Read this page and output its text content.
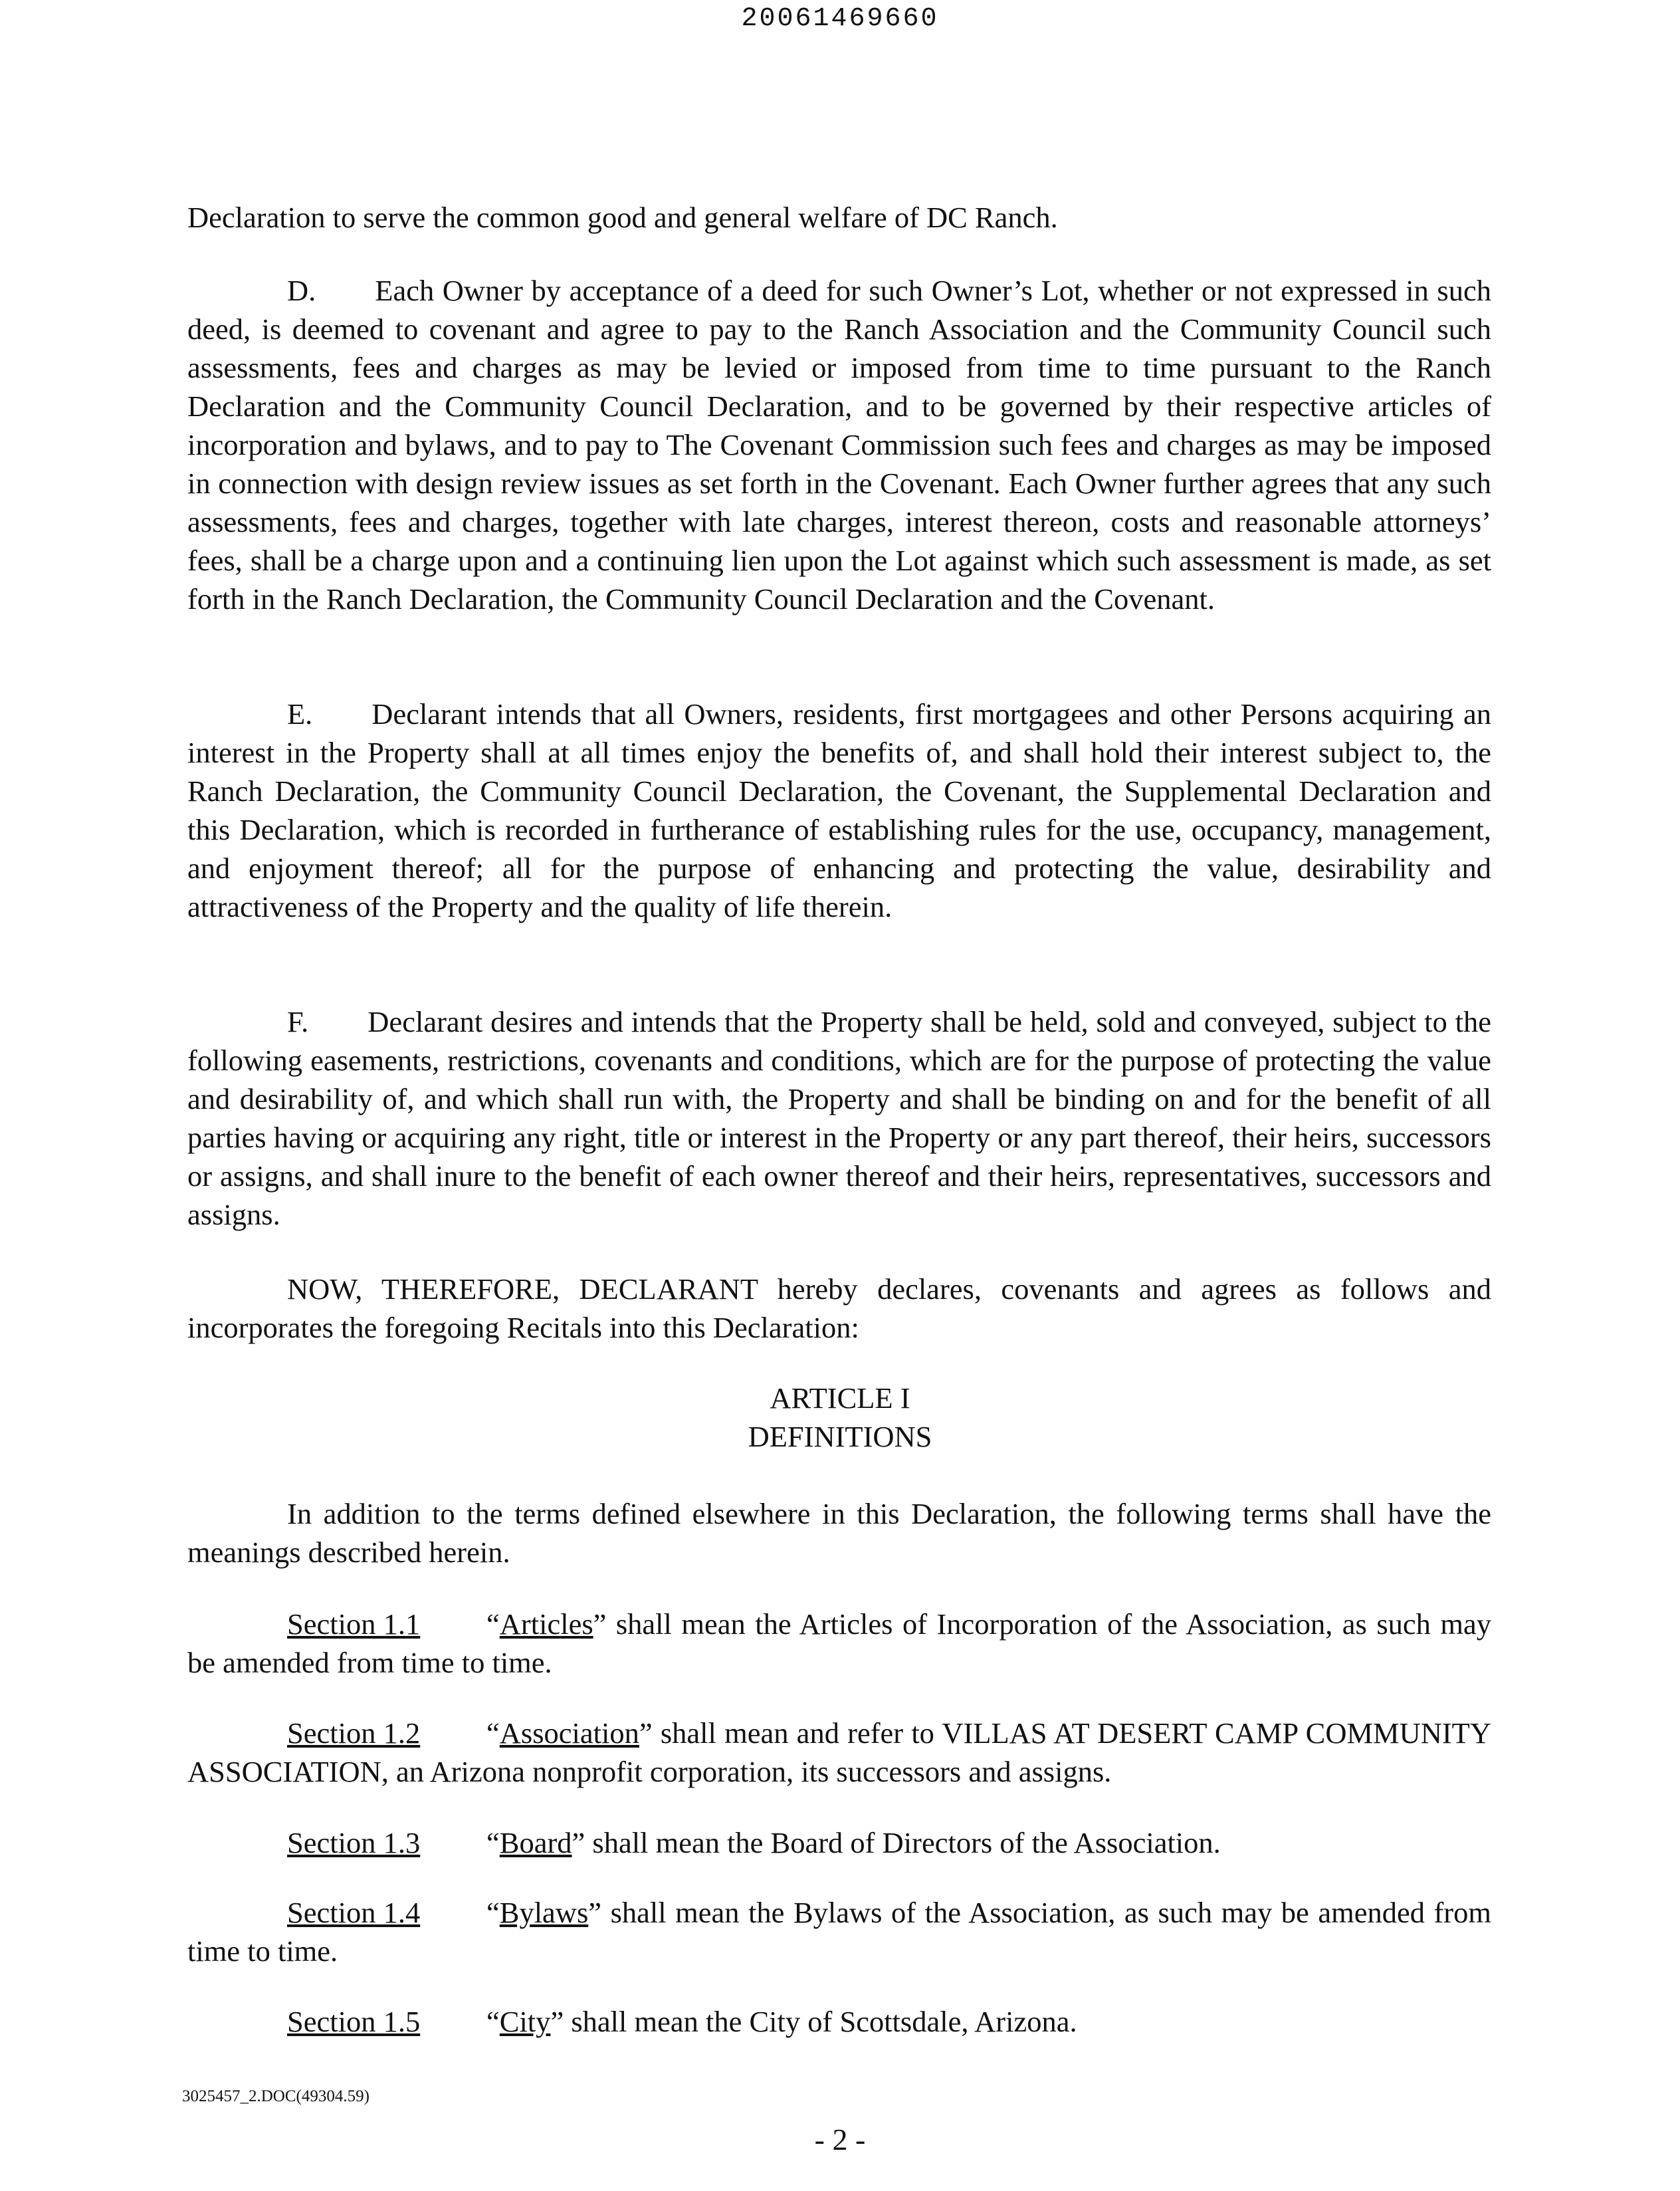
20061469660

Declaration to serve the common good and general welfare of DC Ranch.

D.  Each Owner by acceptance of a deed for such Owner’s Lot, whether or not expressed in such deed, is deemed to covenant and agree to pay to the Ranch Association and the Community Council such assessments, fees and charges as may be levied or imposed from time to time pursuant to the Ranch Declaration and the Community Council Declaration, and to be governed by their respective articles of incorporation and bylaws, and to pay to The Covenant Commission such fees and charges as may be imposed in connection with design review issues as set forth in the Covenant. Each Owner further agrees that any such assessments, fees and charges, together with late charges, interest thereon, costs and reasonable attorneys’ fees, shall be a charge upon and a continuing lien upon the Lot against which such assessment is made, as set forth in the Ranch Declaration, the Community Council Declaration and the Covenant.

E.  Declarant intends that all Owners, residents, first mortgagees and other Persons acquiring an interest in the Property shall at all times enjoy the benefits of, and shall hold their interest subject to, the Ranch Declaration, the Community Council Declaration, the Covenant, the Supplemental Declaration and this Declaration, which is recorded in furtherance of establishing rules for the use, occupancy, management, and enjoyment thereof; all for the purpose of enhancing and protecting the value, desirability and attractiveness of the Property and the quality of life therein.

F.  Declarant desires and intends that the Property shall be held, sold and conveyed, subject to the following easements, restrictions, covenants and conditions, which are for the purpose of protecting the value and desirability of, and which shall run with, the Property and shall be binding on and for the benefit of all parties having or acquiring any right, title or interest in the Property or any part thereof, their heirs, successors or assigns, and shall inure to the benefit of each owner thereof and their heirs, representatives, successors and assigns.

NOW, THEREFORE, DECLARANT hereby declares, covenants and agrees as follows and incorporates the foregoing Recitals into this Declaration:

ARTICLE I
DEFINITIONS

In addition to the terms defined elsewhere in this Declaration, the following terms shall have the meanings described herein.

Section 1.1 “Articles” shall mean the Articles of Incorporation of the Association, as such may be amended from time to time.

Section 1.2 “Association” shall mean and refer to VILLAS AT DESERT CAMP COMMUNITY ASSOCIATION, an Arizona nonprofit corporation, its successors and assigns.

Section 1.3 “Board” shall mean the Board of Directors of the Association.

Section 1.4 “Bylaws” shall mean the Bylaws of the Association, as such may be amended from time to time.

Section 1.5 “City” shall mean the City of Scottsdale, Arizona.

3025457_2.DOC(49304.59)
- 2 -
